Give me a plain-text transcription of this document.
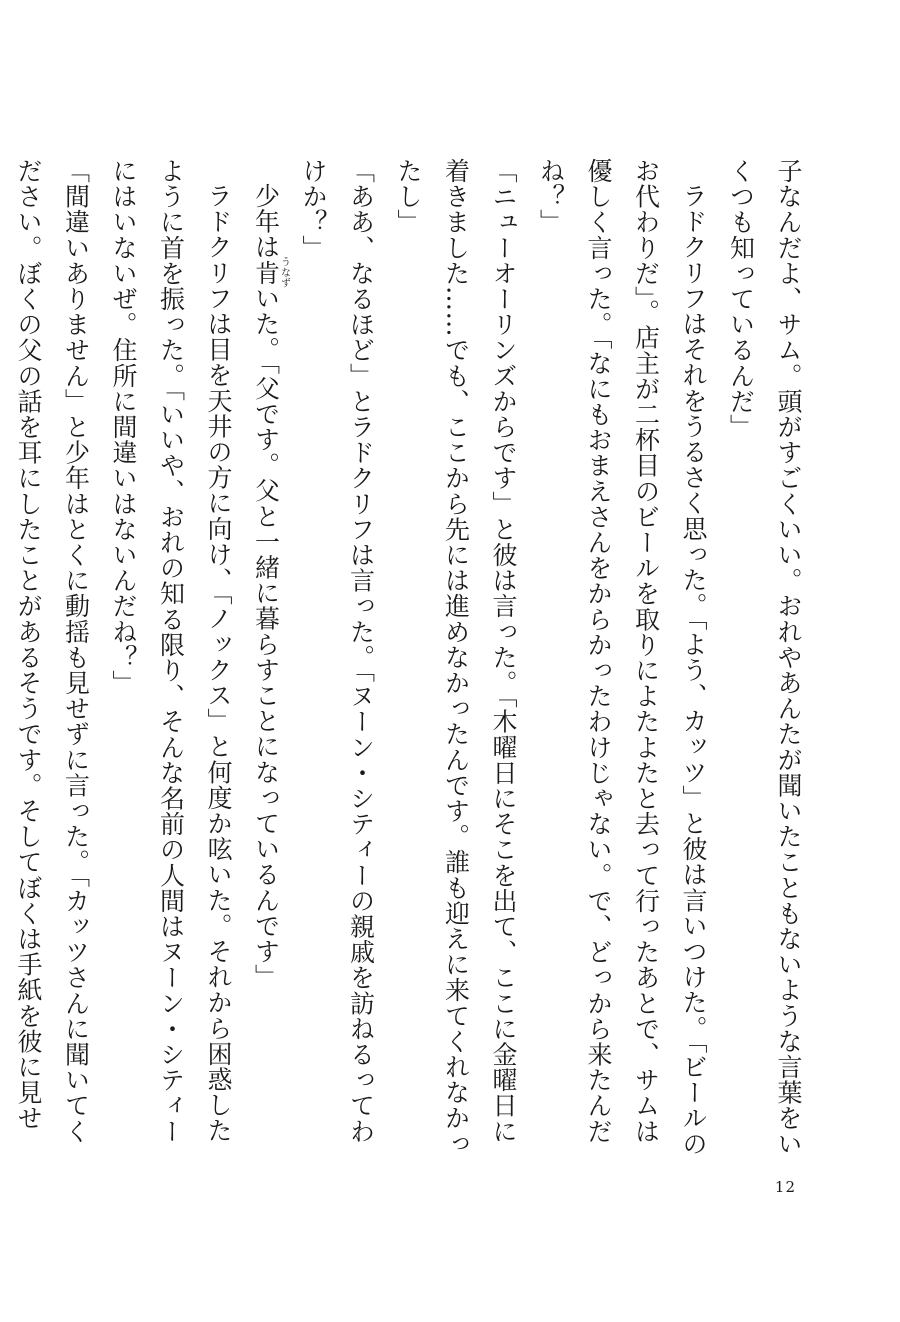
子なんだよ、サム。頭がすごくいい。おれやあんたが聞いたこともないような言葉をいくつも知っているんだ」

ラドクリフはそれをうるさく思った。「よう、カッツ」と彼は言いつけた。「ビールのお代わりだ」。店主が二杯目のビールを取りによたよたと去って行ったあとで、サムは優しく言った。「なにもおまえさんをからかったわけじゃない。で、どっから来たんだね？」

「ニューオーリンズからです」と彼は言った。「木曜日にそこを出て、ここに金曜日に着きました……でも、ここから先には進めなかったんです。誰も迎えに来てくれなかったし」

「ああ、なるほど」とラドクリフは言った。「ヌーン・シティーの親戚を訪ねるってわけか？」

少年は肯うなずいた。「父です。父と一緒に暮らすことになっているんです」

ラドクリフは目を天井の方に向け、「ノックス」と何度か呟いた。それから困惑したように首を振った。「いいや、おれの知る限り、そんな名前の人間はヌーン・シティーにはいないぜ。住所に間違いはないんだね？」

「間違いありません」と少年はとくに動揺も見せずに言った。「カッツさんに聞いてください。ぼくの父の話を耳にしたことがあるそうです。そしてぼくは手紙を彼に見せ

12
